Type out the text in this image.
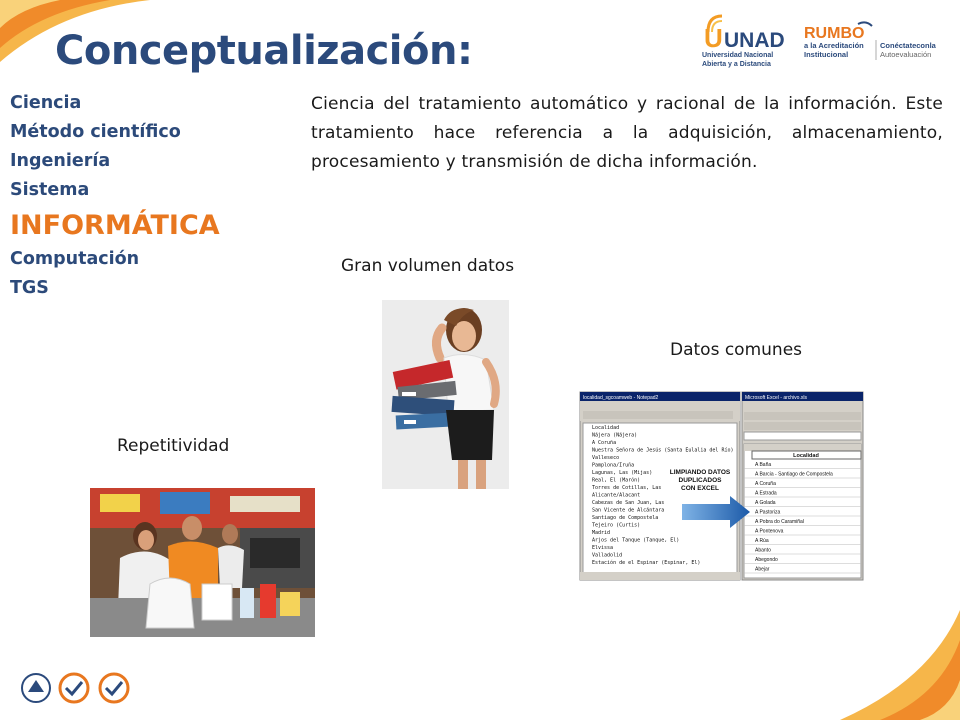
Conceptualización:	U UNAD
Universidad Nacional
Abierta y a Distancia
RUMBO
a la Acreditación
Institucional
Conéctateconla
Autoevaluación
Ciencia
Método científico
Ingeniería
Sistema
INFORMÁTICA
Computación
TGS
Ciencia del tratamiento automático y racional de la información. Este tratamiento hace referencia a la adquisición, almacenamiento, procesamiento y transmisión de dicha información.
Gran volumen datos
Datos comunes
Repetitividad
localidad_sgcoamweb - Notepad2
Localidad
Nájera (Nájera)
A Coruña
Nuestra Señora de Jesús (Santa Eulalia del Río)
Valleseco
Pamplona/Iruña
Lagunas, Las (Mijas)
Real, El (Marón)
Torres de Cotillas, Las
Alicante/Alacant
Cabezas de San Juan, Las
San Vicente de Alcántara
Santiago de Compostela
Tejeiro (Curtis)
Madrid
Arjos del Tanque (Tanque, El)
Elvissa
Valladolid
Estación de el Espinar (Espinar, El)
Microsoft Excel - archivo.xls
Localidad
A Baña
A Barcia - Santiago de Compostela
A Coruña
A Estrada
A Golada
A Pastoriza
A Pobra do Caramiñal
A Pontenova
A Rúa
Abanto
Abegondo
Abejar
LIMPIANDO DATOS
DUPLICADOS
CON EXCEL
